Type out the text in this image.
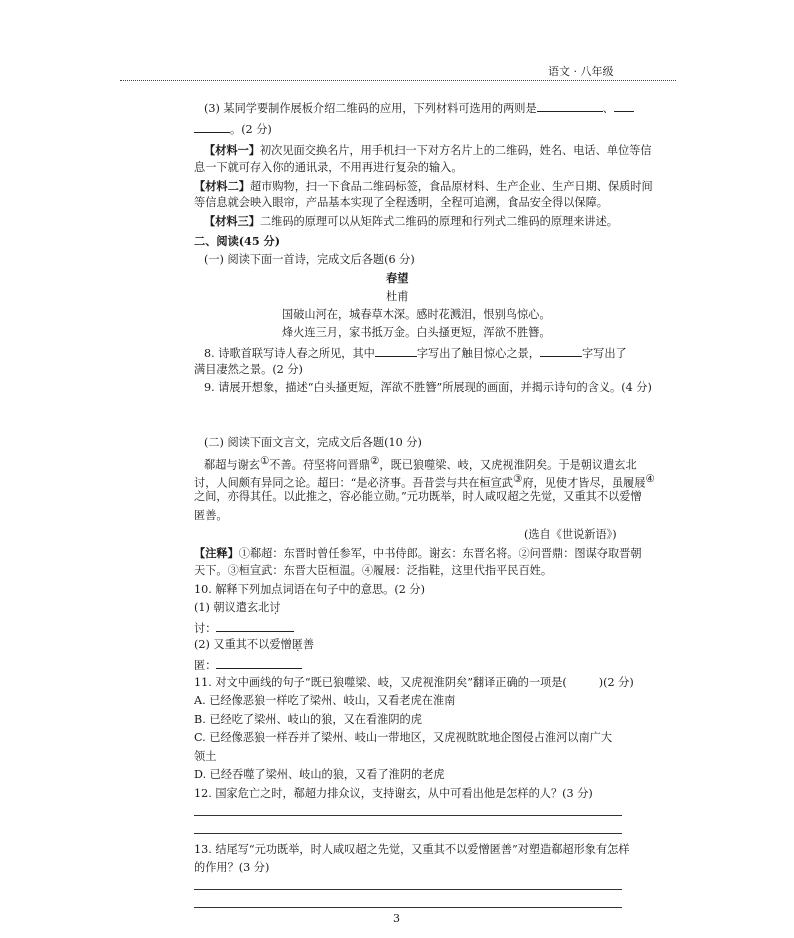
语文 · 八年级
(3) 某同学要制作展板介绍二维码的应用，下列材料可选用的两则是	、
。(2 分)
【材料一】初次见面交换名片，用手机扫一下对方名片上的二维码，姓名、电话、单位等信
息一下就可存入你的通讯录，不用再进行复杂的输入。
【材料二】超市购物，扫一下食品二维码标签，食品原材料、生产企业、生产日期、保质时间
等信息就会映入眼帘，产品基本实现了全程透明，全程可追溯，食品安全得以保障。
【材料三】二维码的原理可以从矩阵式二维码的原理和行列式二维码的原理来讲述。
二、阅读(45 分)
(一) 阅读下面一首诗，完成文后各题(6 分)
春望
杜甫
国破山河在，城春草木深。感时花溅泪，恨别鸟惊心。
烽火连三月，家书抵万金。白头搔更短，浑欲不胜簪。
8. 诗歌首联写诗人春之所见，其中	字写出了触目惊心之景，	字写出了
满目凄然之景。(2 分)
9. 请展开想象，描述“白头搔更短，浑欲不胜簪”所展现的画面，并揭示诗句的含义。(4 分)
(二) 阅读下面文言文，完成文后各题(10 分)
郗超与谢玄①不善。苻坚将问晋鼎②，既已狼噬梁、岐，又虎视淮阴矣。于是朝议遣玄北
讨，人间颇有异同之论。超曰：“是必济事。吾昔尝与共在桓宣武③府，见使才皆尽，虽履屐④
之间，亦得其任。以此推之，容必能立勋。”元功既举，时人咸叹超之先觉，又重其不以爱憎
匿善。
(选自《世说新语》)
【注释】①郗超：东晋时曾任参军，中书侍郎。谢玄：东晋名将。②问晋鼎：图谋夺取晋朝
天下。③桓宣武：东晋大臣桓温。④履屐：泛指鞋，这里代指平民百姓。
10. 解释下列加点词语在句子中的意思。(2 分)
(1) 朝议遣玄北讨
讨：
(2) 又重其不以爱憎匿善
匿：
11. 对文中画线的句子“既已狼噬梁、岐，又虎视淮阴矣”翻译正确的一项是(	)(2 分)
A. 已经像恶狼一样吃了梁州、岐山，又看老虎在淮南
B. 已经吃了梁州、岐山的狼，又在看淮阴的虎
C. 已经像恶狼一样吞并了梁州、岐山一带地区，又虎视眈眈地企图侵占淮河以南广大
领土
D. 已经吞噬了梁州、岐山的狼，又看了淮阴的老虎
12. 国家危亡之时，郗超力排众议，支持谢玄，从中可看出他是怎样的人？(3 分)
13. 结尾写“元功既举，时人咸叹超之先觉，又重其不以爱憎匿善”对塑造郗超形象有怎样
的作用？(3 分)
3
